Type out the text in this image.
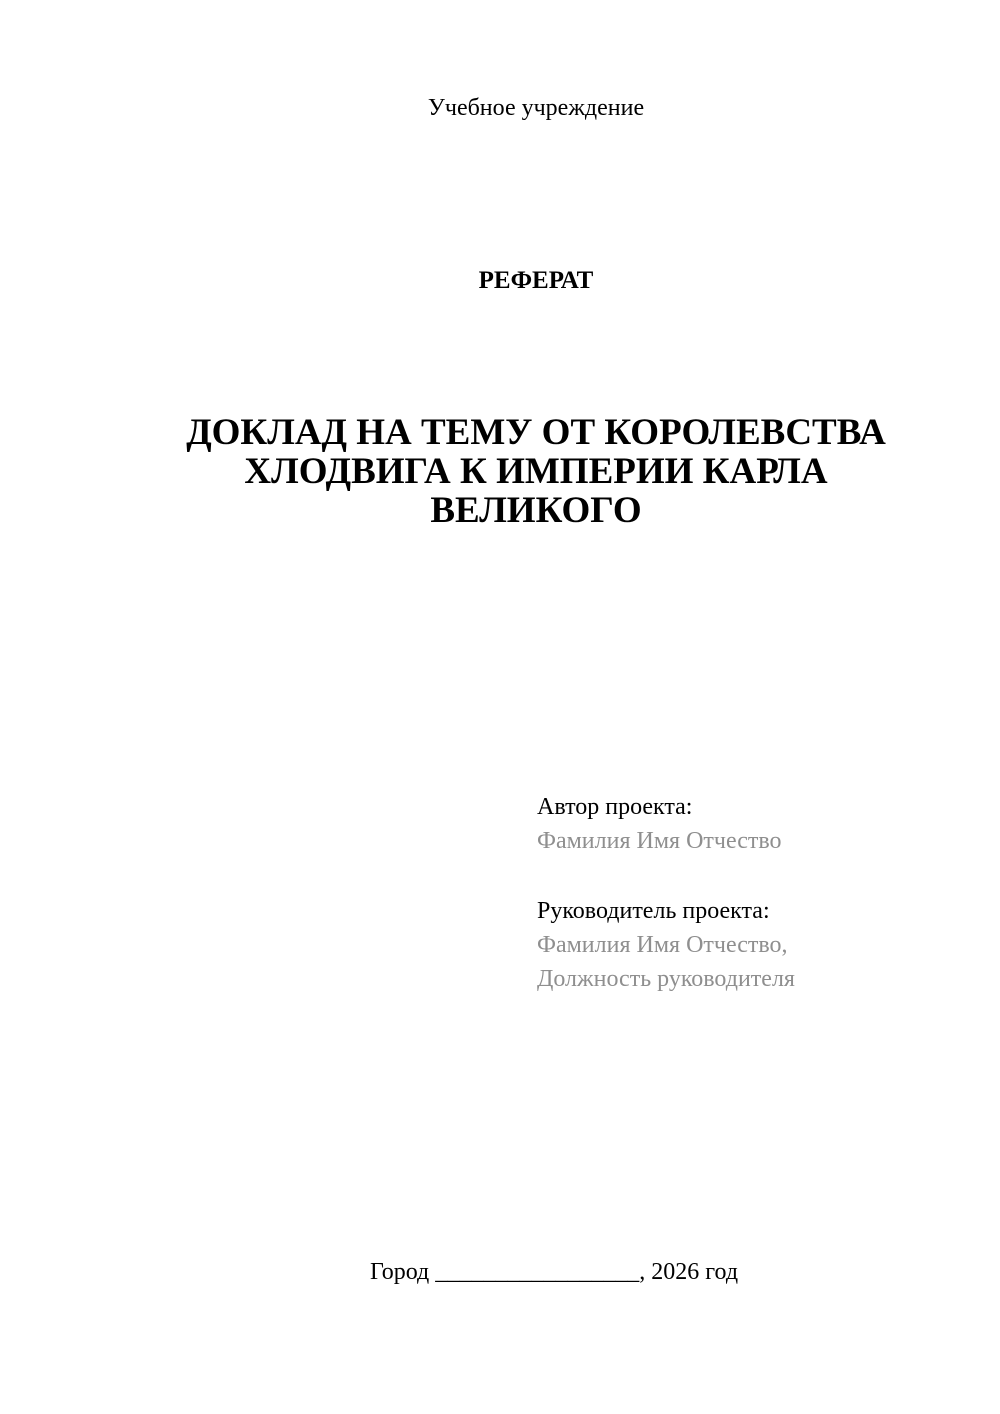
Учебное учреждение
РЕФЕРАТ
ДОКЛАД НА ТЕМУ ОТ КОРОЛЕВСТВА ХЛОДВИГА К ИМПЕРИИ КАРЛА ВЕЛИКОГО
Автор проекта:
Фамилия Имя Отчество
Руководитель проекта:
Фамилия Имя Отчество,
Должность руководителя

Город _________________, 2026 год
